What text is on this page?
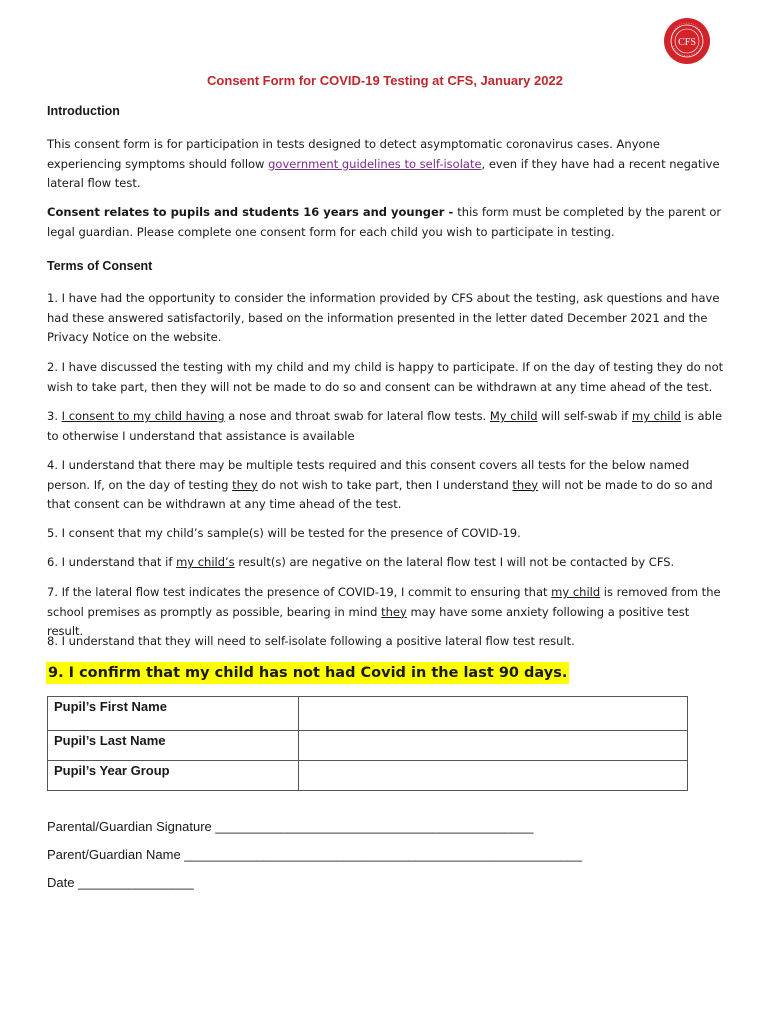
CFS
Consent Form for COVID-19 Testing at CFS, January 2022
Introduction
This consent form is for participation in tests designed to detect asymptomatic coronavirus cases. Anyone experiencing symptoms should follow government guidelines to self-isolate, even if they have had a recent negative lateral flow test.
Consent relates to pupils and students 16 years and younger - this form must be completed by the parent or legal guardian. Please complete one consent form for each child you wish to participate in testing.
Terms of Consent
1. I have had the opportunity to consider the information provided by CFS about the testing, ask questions and have had these answered satisfactorily, based on the information presented in the letter dated December 2021 and the Privacy Notice on the website.
2. I have discussed the testing with my child and my child is happy to participate. If on the day of testing they do not wish to take part, then they will not be made to do so and consent can be withdrawn at any time ahead of the test.
3. I consent to my child having a nose and throat swab for lateral flow tests. My child will self-swab if my child is able to otherwise I understand that assistance is available
4. I understand that there may be multiple tests required and this consent covers all tests for the below named person. If, on the day of testing they do not wish to take part, then I understand they will not be made to do so and that consent can be withdrawn at any time ahead of the test.
5. I consent that my child’s sample(s) will be tested for the presence of COVID-19.
6. I understand that if my child’s result(s) are negative on the lateral flow test I will not be contacted by CFS.
7. If the lateral flow test indicates the presence of COVID-19, I commit to ensuring that my child is removed from the school premises as promptly as possible, bearing in mind they may have some anxiety following a positive test result.
8. I understand that they will need to self-isolate following a positive lateral flow test result.
9. I confirm that my child has not had Covid in the last 90 days.
Pupil’s First Name	
Pupil’s Last Name	
Pupil’s Year Group	
Parental/Guardian Signature ____________________________________________
Parent/Guardian Name _______________________________________________________
Date ________________
